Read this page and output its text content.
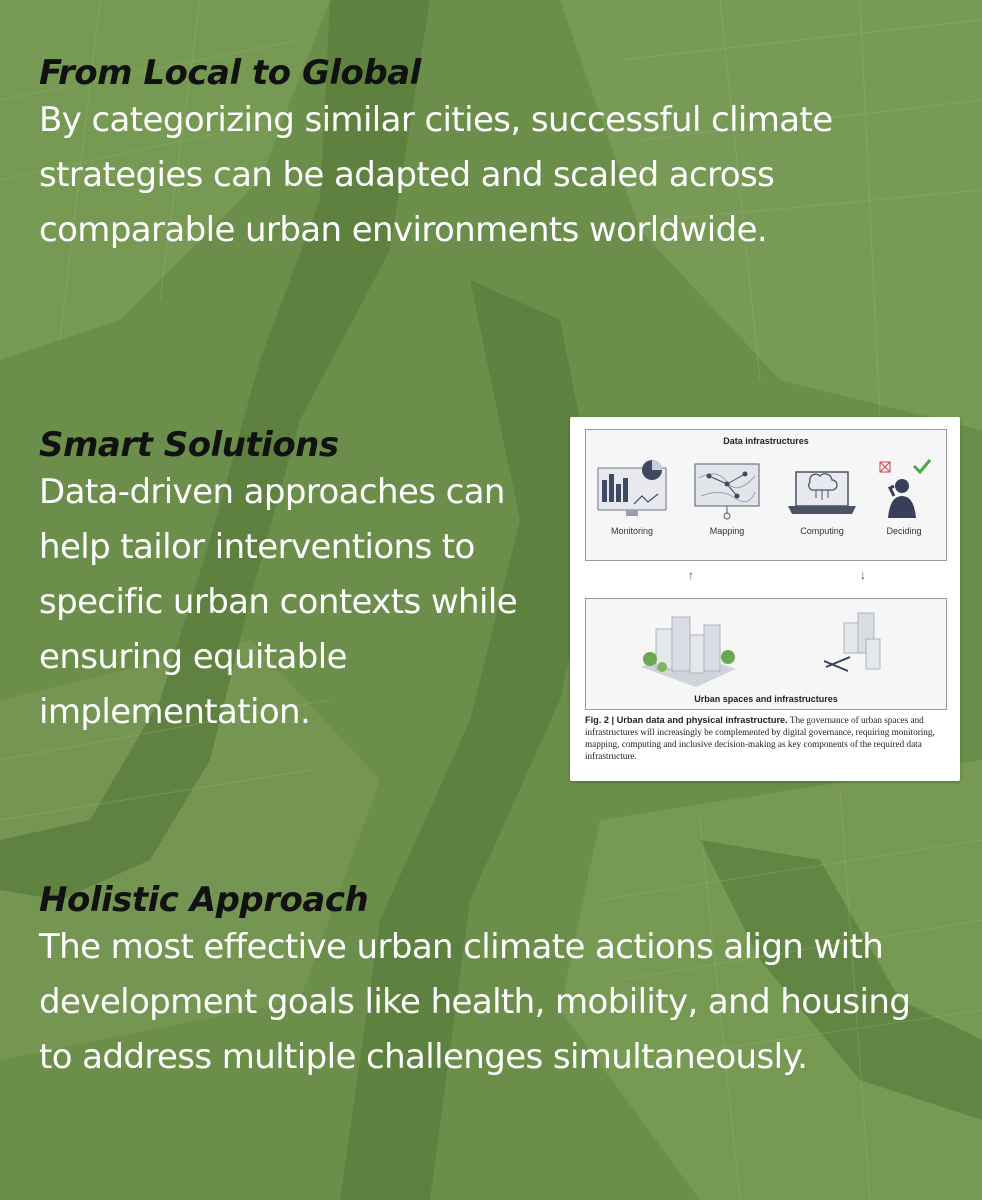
From Local to Global

By categorizing similar cities, successful climate strategies can be adapted and scaled across comparable urban environments worldwide.

Smart Solutions

Data-driven approaches can help tailor interventions to specific urban contexts while ensuring equitable implementation.

Holistic Approach

The most effective urban climate actions align with development goals like health, mobility, and housing to address multiple challenges simultaneously.

Data infrastructures
Monitoring	Mapping	Computing	Deciding
↑	↓
Urban spaces and infrastructures
Fig. 2 | Urban data and physical infrastructure. The governance of urban spaces and infrastructures will increasingly be complemented by digital governance, requiring monitoring, mapping, computing and inclusive decision-making as key components of the required data infrastructure.
